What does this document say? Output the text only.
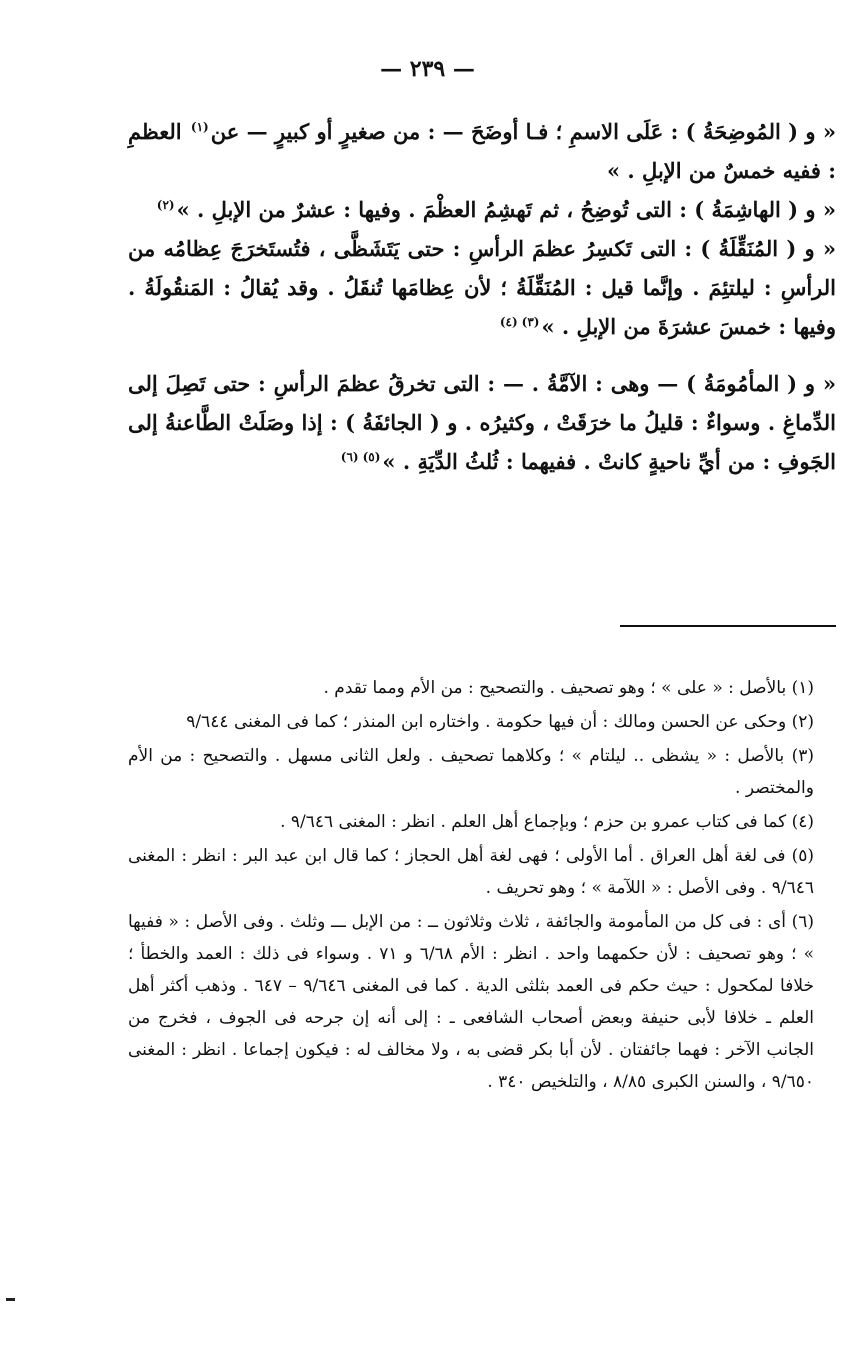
— ٢٣٩ —

« و ( المُوضِحَةُ ) : عَلَى الاسمِ ؛ فـا أوضَحَ — : من صغيرٍ أو كبيرٍ — عن$^{(١)}$ العظمِ : ففيه خمسٌ من الإبلِ . »

« و ( الهاشِمَةُ ) : التى تُوضِحُ ، ثم تَهشِمُ العظْمَ . وفيها : عشرٌ من الإبلِ . »$^{(٢)}$

« و ( المُنَقِّلَةُ ) : التى تَكسِرُ عظمَ الرأسِ : حتى يَتَشَظَّى ، فتُستَخرَجَ عِظامُه من الرأسِ : ليلتئِمَ . وإنَّما قيل : المُنَقِّلَةُ ؛ لأن عِظامَها تُنقَلُ . وقد يُقالُ : المَنقُولَةُ . وفيها : خمسَ عشرَةَ من الإبلِ . »$^{(٣)(٤)}$

« و ( المأمُومَةُ ) — وهى : الآمَّةُ . — : التى تخرقُ عظمَ الرأسِ : حتى تَصِلَ إلى الدِّماغِ . وسواءٌ : قليلُ ما خرَقَتْ ، وكثيرُه . و ( الجائفَةُ ) : إذا وصَلَتْ الطَّاعنةُ إلى الجَوفِ : من أيِّ ناحيةٍ كانتْ . ففيهما : ثُلثُ الدِّيَةِ . »$^{(٥)(٦)}$

(١) بالأصل : « على » ؛ وهو تصحيف . والتصحيح : من الأم ومما تقدم .

(٢) وحكى عن الحسن ومالك : أن فيها حكومة . واختاره ابن المنذر ؛ كما فى المغنى ٩/٦٤٤

(٣) بالأصل : « يشظى .. ليلتام » ؛ وكلاهما تصحيف . ولعل الثانى مسهل . والتصحيح : من الأم والمختصر .

(٤) كما فى كتاب عمرو بن حزم ؛ وبإجماع أهل العلم . انظر : المغنى ٩/٦٤٦ .

(٥) فى لغة أهل العراق . أما الأولى ؛ فهى لغة أهل الحجاز ؛ كما قال ابن عبد البر : انظر : المغنى ٩/٦٤٦ . وفى الأصل : « اللآمة » ؛ وهو تحريف .

(٦) أى : فى كل من المأمومة والجائفة ، ثلاث وثلاثون ــ : من الإبل ـــ وثلث . وفى الأصل : « ففيها » ؛ وهو تصحيف : لأن حكمهما واحد . انظر : الأم ٦/٦٨ و ٧١ . وسواء فى ذلك : العمد والخطأ ؛ خلافا لمكحول : حيث حكم فى العمد بثلثى الدية . كما فى المغنى ٩/٦٤٦ – ٦٤٧ . وذهب أكثر أهل العلم ـ خلافا لأبى حنيفة وبعض أصحاب الشافعى ـ : إلى أنه إن جرحه فى الجوف ، فخرج من الجانب الآخر : فهما جائفتان . لأن أبا بكر قضى به ، ولا مخالف له : فيكون إجماعا . انظر : المغنى ٩/٦٥٠ ، والسنن الكبرى ٨/٨٥ ، والتلخيص ٣٤٠ .
